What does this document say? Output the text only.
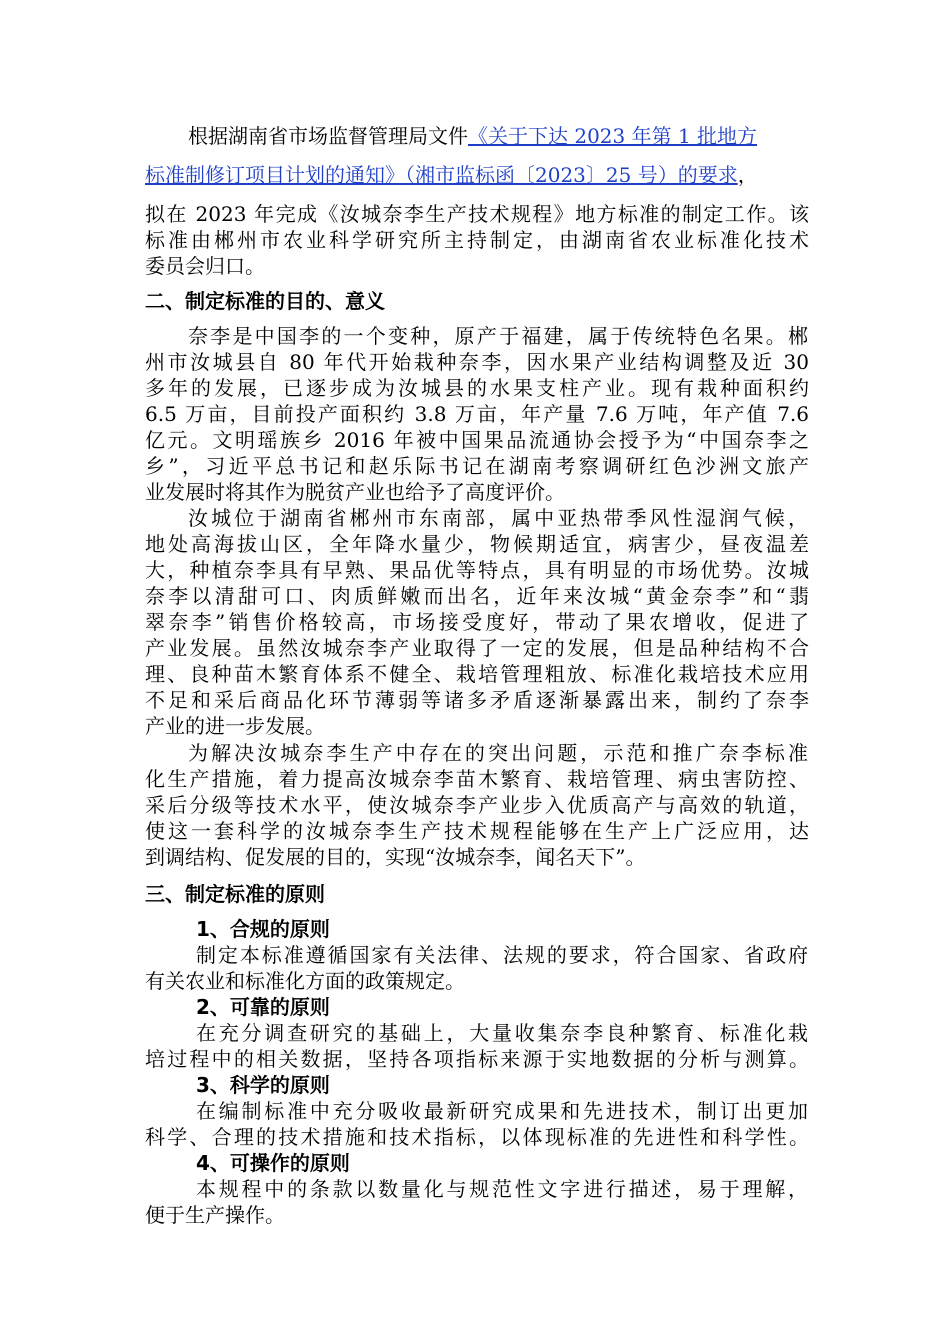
根据湖南省市场监督管理局文件《关于下达 2023 年第 1 批地方
标准制修订项目计划的通知》（湘市监标函〔2023〕25 号）的要求，
拟在 2023 年完成《汝城奈李生产技术规程》地方标准的制定工作。该
标准由郴州市农业科学研究所主持制定，由湖南省农业标准化技术
委员会归口。
二、制定标准的目的、意义
奈李是中国李的一个变种，原产于福建，属于传统特色名果。郴
州市汝城县自 80 年代开始栽种奈李，因水果产业结构调整及近 30
多年的发展，已逐步成为汝城县的水果支柱产业。现有栽种面积约
6.5 万亩，目前投产面积约 3.8 万亩，年产量 7.6 万吨，年产值 7.6
亿元。文明瑶族乡 2016 年被中国果品流通协会授予为“中国奈李之
乡”，习近平总书记和赵乐际书记在湖南考察调研红色沙洲文旅产
业发展时将其作为脱贫产业也给予了高度评价。
汝城位于湖南省郴州市东南部，属中亚热带季风性湿润气候，
地处高海拔山区，全年降水量少，物候期适宜，病害少，昼夜温差
大，种植奈李具有早熟、果品优等特点，具有明显的市场优势。汝城
奈李以清甜可口、肉质鲜嫩而出名，近年来汝城“黄金奈李”和“翡
翠奈李”销售价格较高，市场接受度好，带动了果农增收，促进了
产业发展。虽然汝城奈李产业取得了一定的发展，但是品种结构不合
理、良种苗木繁育体系不健全、栽培管理粗放、标准化栽培技术应用
不足和采后商品化环节薄弱等诸多矛盾逐渐暴露出来，制约了奈李
产业的进一步发展。
为解决汝城奈李生产中存在的突出问题，示范和推广奈李标准
化生产措施，着力提高汝城奈李苗木繁育、栽培管理、病虫害防控、
采后分级等技术水平，使汝城奈李产业步入优质高产与高效的轨道，
使这一套科学的汝城奈李生产技术规程能够在生产上广泛应用，达
到调结构、促发展的目的，实现“汝城奈李，闻名天下”。
三、制定标准的原则
1、合规的原则
制定本标准遵循国家有关法律、法规的要求，符合国家、省政府
有关农业和标准化方面的政策规定。
2、可靠的原则
在充分调查研究的基础上，大量收集奈李良种繁育、标准化栽
培过程中的相关数据，坚持各项指标来源于实地数据的分析与测算。
3、科学的原则
在编制标准中充分吸收最新研究成果和先进技术，制订出更加
科学、合理的技术措施和技术指标，以体现标准的先进性和科学性。
4、可操作的原则
本规程中的条款以数量化与规范性文字进行描述，易于理解，
便于生产操作。
